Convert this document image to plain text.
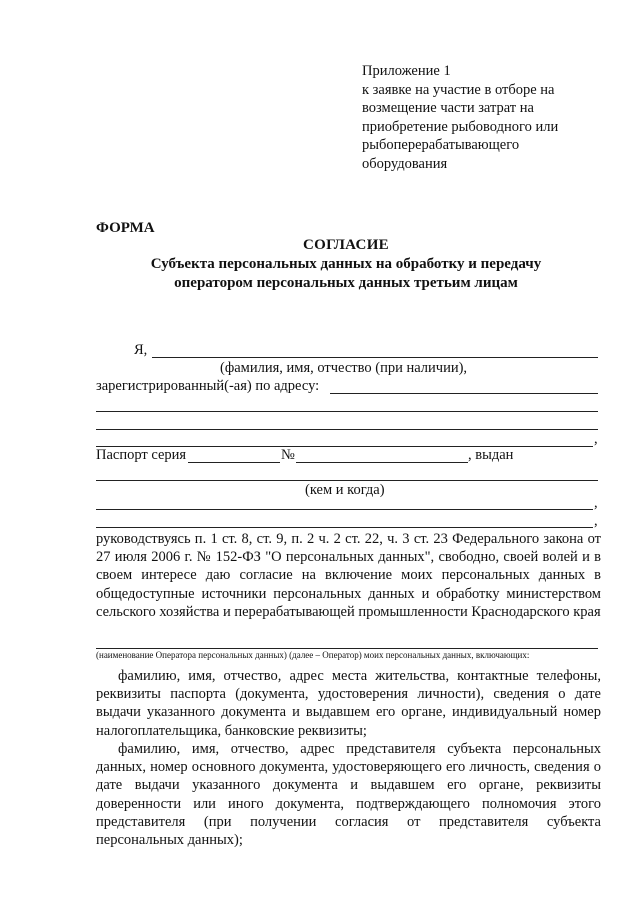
Приложение 1
к заявке на участие в отборе на
возмещение части затрат на
приобретение рыбоводного или
рыбоперерабатывающего
оборудования
ФОРМА
СОГЛАСИЕ
Субъекта персональных данных на обработку и передачу
оператором персональных данных третьим лицам
Я,
(фамилия, имя, отчество (при наличии),
зарегистрированный(-ая) по адресу:
,
Паспорт серия	№	, выдан
(кем и когда)
,
,
руководствуясь п. 1 ст. 8, ст. 9, п. 2 ч. 2 ст. 22, ч. 3 ст. 23 Федерального закона от 27 июля 2006 г. № 152-ФЗ "О персональных данных", свободно, своей волей и в своем интересе даю согласие на включение моих персональных данных в общедоступные источники персональных данных и обработку министерством сельского хозяйства и перерабатывающей промышленности Краснодарского края
(наименование Оператора персональных данных) (далее – Оператор) моих персональных данных, включающих:
фамилию, имя, отчество, адрес места жительства, контактные телефоны, реквизиты паспорта (документа, удостоверения личности), сведения о дате выдачи указанного документа и выдавшем его органе, индивидуальный номер налогоплательщика, банковские реквизиты;
фамилию, имя, отчество, адрес представителя субъекта персональных данных, номер основного документа, удостоверяющего его личность, сведения о дате выдачи указанного документа и выдавшем его органе, реквизиты доверенности или иного документа, подтверждающего полномочия этого представителя (при получении согласия от представителя субъекта персональных данных);
